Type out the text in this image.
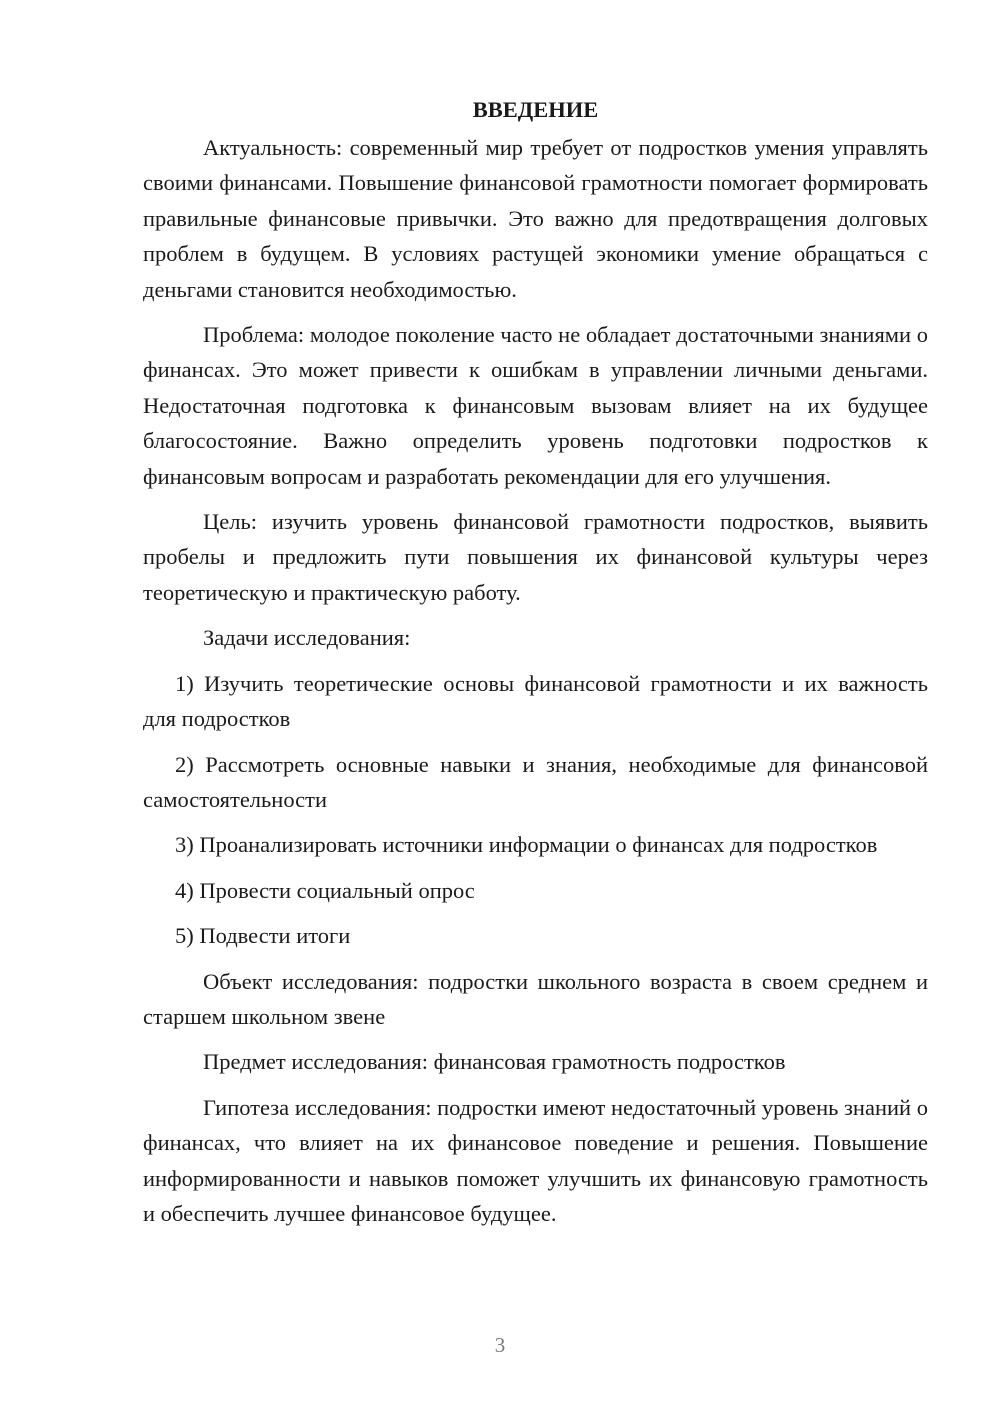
ВВЕДЕНИЕ

Актуальность: современный мир требует от подростков умения управлять своими финансами. Повышение финансовой грамотности помогает формировать правильные финансовые привычки. Это важно для предотвращения долговых проблем в будущем. В условиях растущей экономики умение обращаться с деньгами становится необходимостью.

Проблема: молодое поколение часто не обладает достаточными знаниями о финансах. Это может привести к ошибкам в управлении личными деньгами. Недостаточная подготовка к финансовым вызовам влияет на их будущее благосостояние. Важно определить уровень подготовки подростков к финансовым вопросам и разработать рекомендации для его улучшения.

Цель: изучить уровень финансовой грамотности подростков, выявить пробелы и предложить пути повышения их финансовой культуры через теоретическую и практическую работу.

Задачи исследования:

1) Изучить теоретические основы финансовой грамотности и их важность для подростков

2) Рассмотреть основные навыки и знания, необходимые для финансовой самостоятельности

3) Проанализировать источники информации о финансах для подростков

4) Провести социальный опрос

5) Подвести итоги

Объект исследования: подростки школьного возраста в своем среднем и старшем школьном звене

Предмет исследования: финансовая грамотность подростков

Гипотеза исследования: подростки имеют недостаточный уровень знаний о финансах, что влияет на их финансовое поведение и решения. Повышение информированности и навыков поможет улучшить их финансовую грамотность и обеспечить лучшее финансовое будущее.

3
